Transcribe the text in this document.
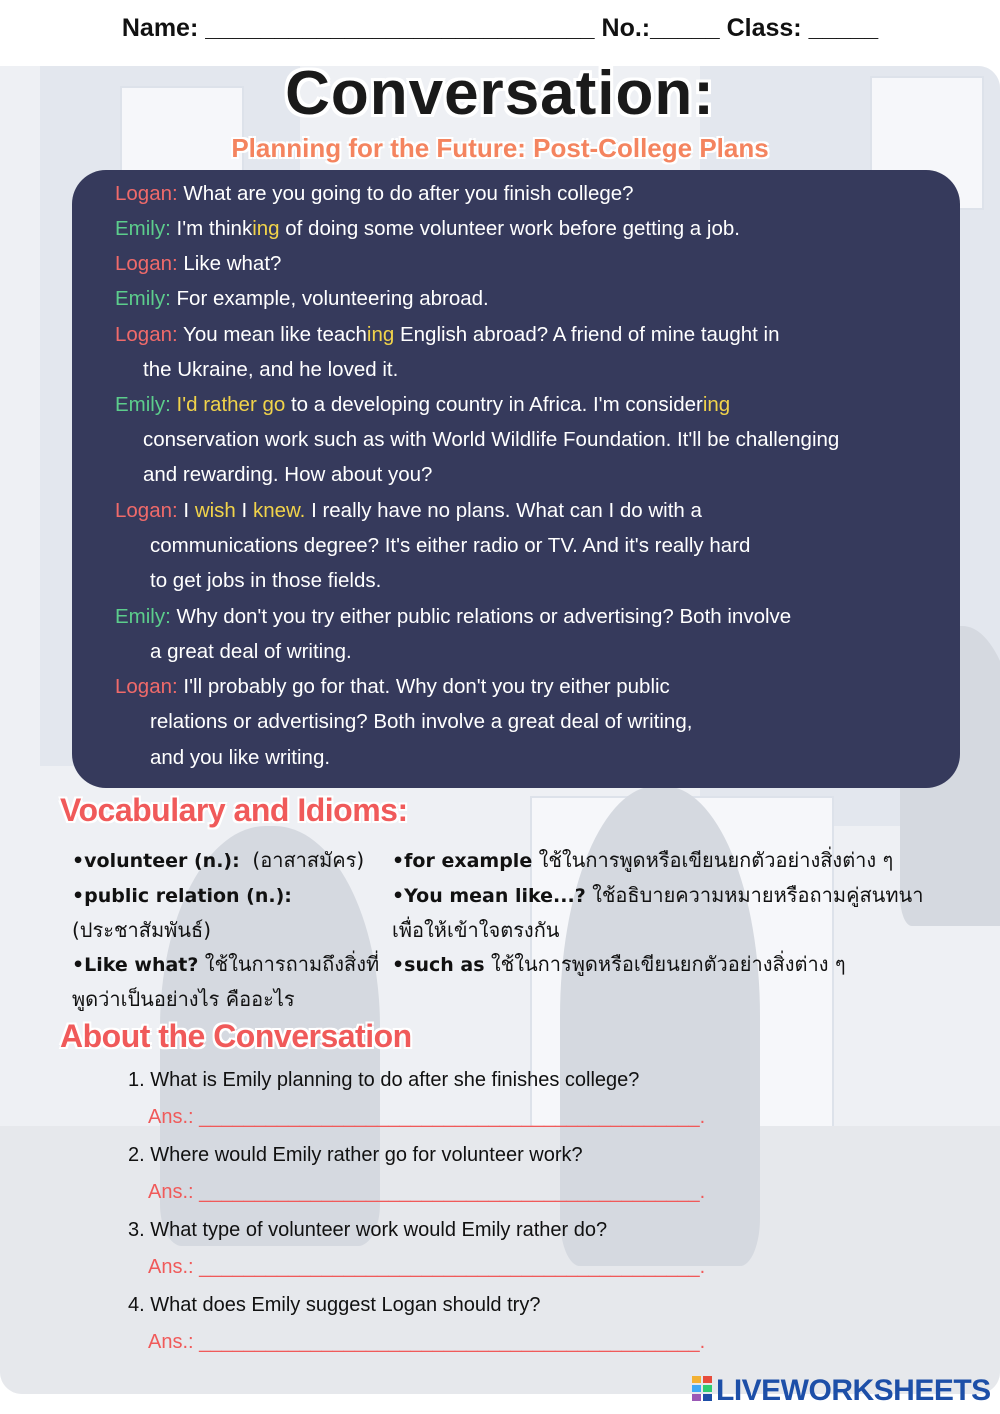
Name: ____________________________ No.:_____ Class: _____
Conversation:
Planning for the Future: Post-College Plans
Logan: What are you going to do after you finish college?
Emily: I'm thinking of doing some volunteer work before getting a job.
Logan: Like what?
Emily: For example, volunteering abroad.
Logan: You mean like teaching English abroad? A friend of mine taught in
the Ukraine, and he loved it.
Emily: I'd rather go to a developing country in Africa. I'm considering
conservation work such as with World Wildlife Foundation. It'll be challenging
and rewarding. How about you?
Logan: I wish I knew. I really have no plans. What can I do with a
communications degree? It's either radio or TV. And it's really hard
to get jobs in those fields.
Emily: Why don't you try either public relations or advertising? Both involve
a great deal of writing.
Logan: I'll probably go for that. Why don't you try either public
relations or advertising? Both involve a great deal of writing,
and you like writing.
Vocabulary and Idioms:
•volunteer (n.): (อาสาสมัคร)
•public relation (n.):
(ประชาสัมพันธ์)
•Like what? ใช้ในการถามถึงสิ่งที่
พูดว่าเป็นอย่างไร คืออะไร
•for example ใช้ในการพูดหรือเขียนยกตัวอย่างสิ่งต่าง ๆ
•You mean like...? ใช้อธิบายความหมายหรือถามคู่สนทนา
เพื่อให้เข้าใจตรงกัน
•such as ใช้ในการพูดหรือเขียนยกตัวอย่างสิ่งต่าง ๆ
About the Conversation
1. What is Emily planning to do after she finishes college?
Ans.: _____________________________________________.
2. Where would Emily rather go for volunteer work?
Ans.: _____________________________________________.
3. What type of volunteer work would Emily rather do?
Ans.: _____________________________________________.
4. What does Emily suggest Logan should try?
Ans.: _____________________________________________.
LIVEWORKSHEETS
